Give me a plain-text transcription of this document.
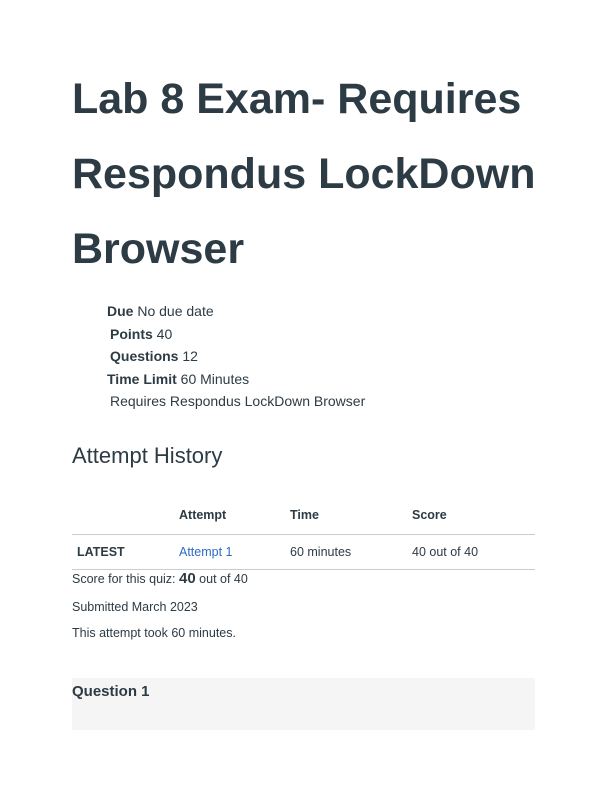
Lab 8 Exam- Requires Respondus LockDown Browser
Due No due date
Points 40
Questions 12
Time Limit 60 Minutes
Requires Respondus LockDown Browser
Attempt History
	Attempt	Time	Score
LATEST	Attempt 1	60 minutes	40 out of 40
Score for this quiz: 40 out of 40
Submitted March 2023
This attempt took 60 minutes.
Question 1
